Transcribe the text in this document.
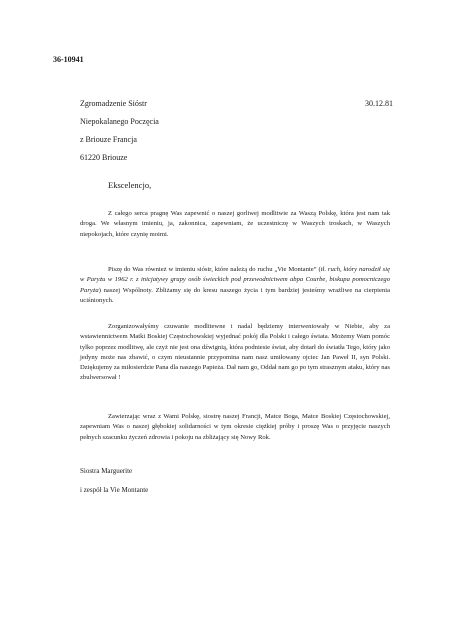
36-10941
Zgromadzenie Sióstr
Niepokalanego Poczęcia
z Briouze Francja
61220 Briouze
30.12.81
Ekscelencjo,
Z całego serca pragnę Was zapewnić o naszej gorliwej modlitwie za Waszą Polskę, która jest nam tak droga. We własnym imieniu, ja, zakonnica, zapewniam, że uczestniczę w Waszych troskach, w Waszych niepokojach, które czynię moimi.
Piszę do Was również w imieniu sióstr, które należą do ruchu „Vie Montante” (tł. ruch, który narodził się w Paryżu w 1962 r. z inicjatywy grupy osób świeckich pod przewodnictwem abpa Courbe, biskupa pomocniczego Paryża) naszej Wspólnoty. Zbliżamy się do kresu naszego życia i tym bardziej jesteśmy wrażliwe na cierpienia uciśnionych.
Zorganizowałyśmy czuwanie modlitewne i nadal będziemy interweniowały w Niebie, aby za wstawiennictwem Matki Boskiej Częstochowskiej wyjednać pokój dla Polski i całego świata. Możemy Wam pomóc tylko poprzez modlitwę, ale czyż nie jest ona dźwignią, która podniesie świat, aby dotarł do światła Tego, który jako jedyny może nas zbawić, o czym nieustannie przypomina nam nasz umiłowany ojciec Jan Paweł II, syn Polski. Dziękujemy za miłosierdzie Pana dla naszego Papieża. Dał nam go, Oddał nam go po tym strasznym ataku, który nas zbulwersował !
Zawierzając wraz z Wami Polskę, siostrę naszej Francji, Matce Boga, Matce Boskiej Częstochowskiej, zapewniam Was o naszej głębokiej solidarności w tym okresie ciężkiej próby i proszę Was o przyjęcie naszych pełnych szacunku życzeń zdrowia i pokoju na zbliżający się Nowy Rok.
Siostra Marguerite
i zespół la Vie Montante
